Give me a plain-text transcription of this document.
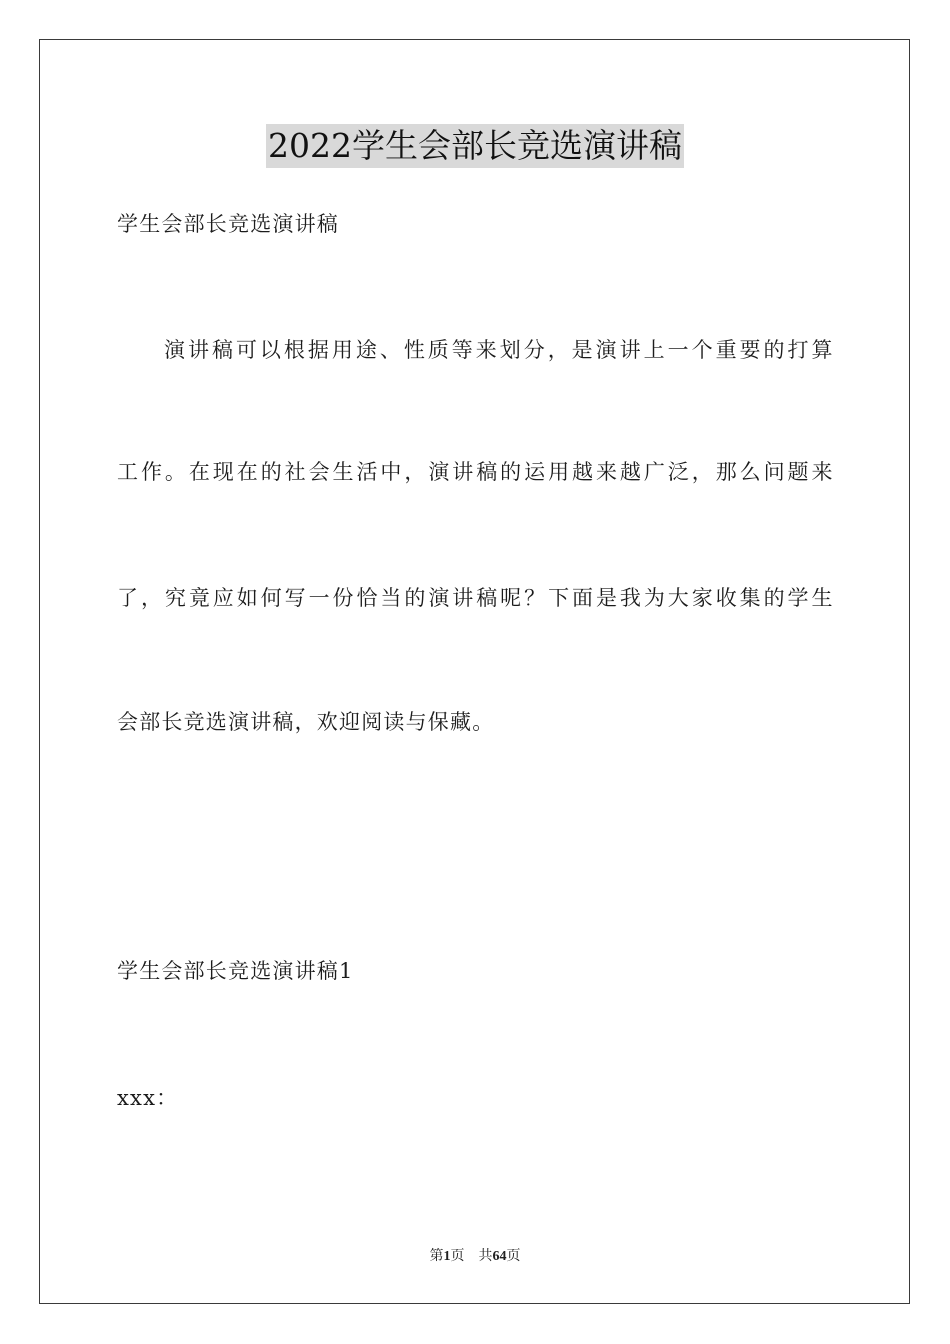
2022学生会部长竞选演讲稿
学生会部长竞选演讲稿
演讲稿可以根据用途、性质等来划分，是演讲上一个重要的打算
工作。在现在的社会生活中，演讲稿的运用越来越广泛，那么问题来
了，究竟应如何写一份恰当的演讲稿呢？下面是我为大家收集的学生
会部长竞选演讲稿，欢迎阅读与保藏。
学生会部长竞选演讲稿1
xxx：
第1页 共64页
